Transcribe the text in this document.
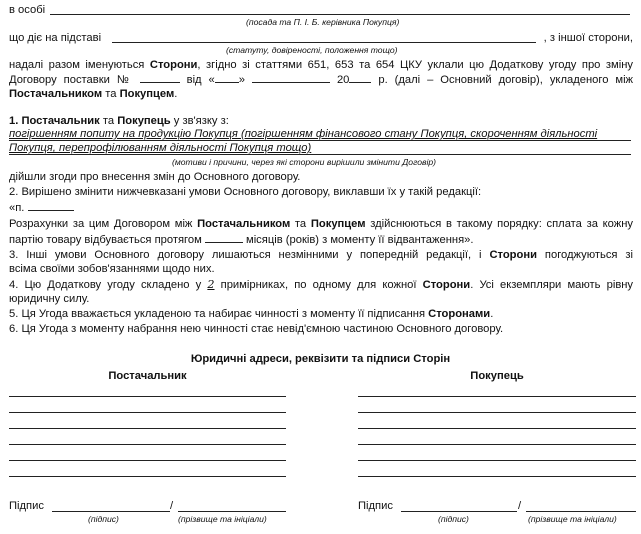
в особі
(посада та П. І. Б. керівника Покупця)
що діє на підставі	, з іншої сторони,
(статуту, довіреності, положення тощо)
надалі разом іменуються Сторони, згідно зі статтями 651, 653 та 654 ЦКУ уклали цю Додаткову угоду про зміну
Договору поставки №	від « »	20	р. (далі – Основний договір), укладеного між
Постачальником та Покупцем.
1. Постачальник та Покупець у зв'язку з:
погіршенням попиту на продукцію Покупця (погіршенням фінансового стану Покупця, скороченням діяльності
Покупця, перепрофілюванням діяльності Покупця тощо)
(мотиви і причини, через які сторони вирішили змінити Договір)
дійшли згоди про внесення змін до Основного договору.
2. Вирішено змінити нижчевказані умови Основного договору, виклавши їх у такій редакції:
«п.
Розрахунки за цим Договором між Постачальником та Покупцем здійснюються в такому порядку: сплата за кожну
партію товару відбувається протягом	місяців (років) з моменту її відвантаження».
3. Інші умови Основного договору лишаються незмінними у попередній редакції, і Сторони погоджуються зі
всіма своїми зобов'язаннями щодо них.
4. Цю Додаткову угоду складено у 2 примірниках, по одному для кожної Сторони. Усі екземпляри мають рівну
юридичну силу.
5. Ця Угода вважається укладеною та набирає чинності з моменту її підписання Сторонами.
6. Ця Угода з моменту набрання нею чинності стає невід'ємною частиною Основного договору.
Юридичні адреси, реквізити та підписи Сторін
Постачальник	Покупець
Підпис	/
(підпис)	(прізвище та ініціали)
Підпис	/
(підпис)	(прізвище та ініціали)
